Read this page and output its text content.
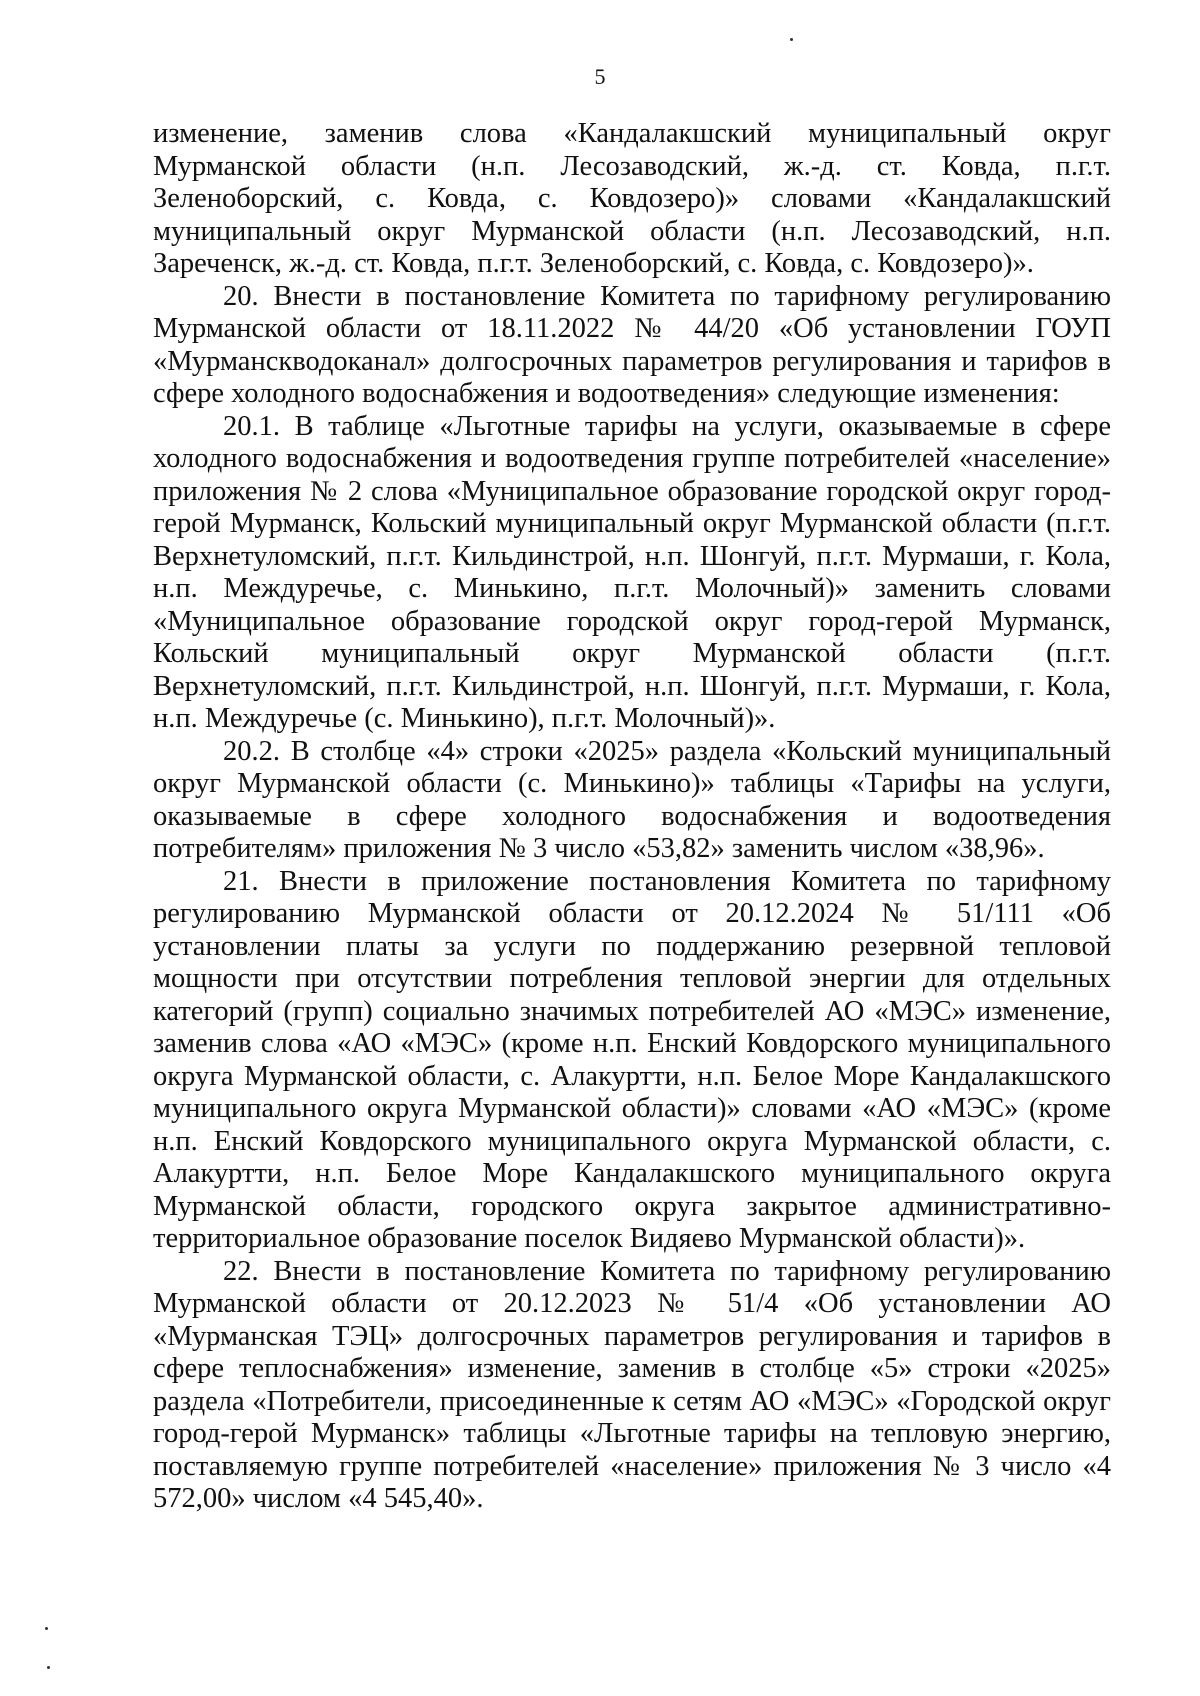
5

изменение, заменив слова «Кандалакшский муниципальный округ Мурманской области (н.п. Лесозаводский, ж.-д. ст. Ковда, п.г.т. Зеленоборский, с. Ковда, с. Ковдозеро)» словами «Кандалакшский муниципальный округ Мурманской области (н.п. Лесозаводский, н.п. Зареченск, ж.-д. ст. Ковда, п.г.т. Зеленоборский, с. Ковда, с. Ковдозеро)».

20. Внести в постановление Комитета по тарифному регулированию Мурманской области от 18.11.2022 № 44/20 «Об установлении ГОУП «Мурманскводоканал» долгосрочных параметров регулирования и тарифов в сфере холодного водоснабжения и водоотведения» следующие изменения:

20.1. В таблице «Льготные тарифы на услуги, оказываемые в сфере холодного водоснабжения и водоотведения группе потребителей «население» приложения № 2 слова «Муниципальное образование городской округ город-герой Мурманск, Кольский муниципальный округ Мурманской области (п.г.т. Верхнетуломский, п.г.т. Кильдинстрой, н.п. Шонгуй, п.г.т. Мурмаши, г. Кола, н.п. Междуречье, с. Минькино, п.г.т. Молочный)» заменить словами «Муниципальное образование городской округ город-герой Мурманск, Кольский муниципальный округ Мурманской области (п.г.т. Верхнетуломский, п.г.т. Кильдинстрой, н.п. Шонгуй, п.г.т. Мурмаши, г. Кола, н.п. Междуречье (с. Минькино), п.г.т. Молочный)».

20.2. В столбце «4» строки «2025» раздела «Кольский муниципальный округ Мурманской области (с. Минькино)» таблицы «Тарифы на услуги, оказываемые в сфере холодного водоснабжения и водоотведения потребителям» приложения № 3 число «53,82» заменить числом «38,96».

21. Внести в приложение постановления Комитета по тарифному регулированию Мурманской области от 20.12.2024 № 51/111 «Об установлении платы за услуги по поддержанию резервной тепловой мощности при отсутствии потребления тепловой энергии для отдельных категорий (групп) социально значимых потребителей АО «МЭС» изменение, заменив слова «АО «МЭС» (кроме н.п. Енский Ковдорского муниципального округа Мурманской области, с. Алакуртти, н.п. Белое Море Кандалакшского муниципального округа Мурманской области)» словами «АО «МЭС» (кроме н.п. Енский Ковдорского муниципального округа Мурманской области, с. Алакуртти, н.п. Белое Море Кандалакшского муниципального округа Мурманской области, городского округа закрытое административно-территориальное образование поселок Видяево Мурманской области)».

22. Внести в постановление Комитета по тарифному регулированию Мурманской области от 20.12.2023 № 51/4 «Об установлении АО «Мурманская ТЭЦ» долгосрочных параметров регулирования и тарифов в сфере теплоснабжения» изменение, заменив в столбце «5» строки «2025» раздела «Потребители, присоединенные к сетям АО «МЭС» «Городской округ город-герой Мурманск» таблицы «Льготные тарифы на тепловую энергию, поставляемую группе потребителей «население» приложения № 3 число «4 572,00» числом «4 545,40».
